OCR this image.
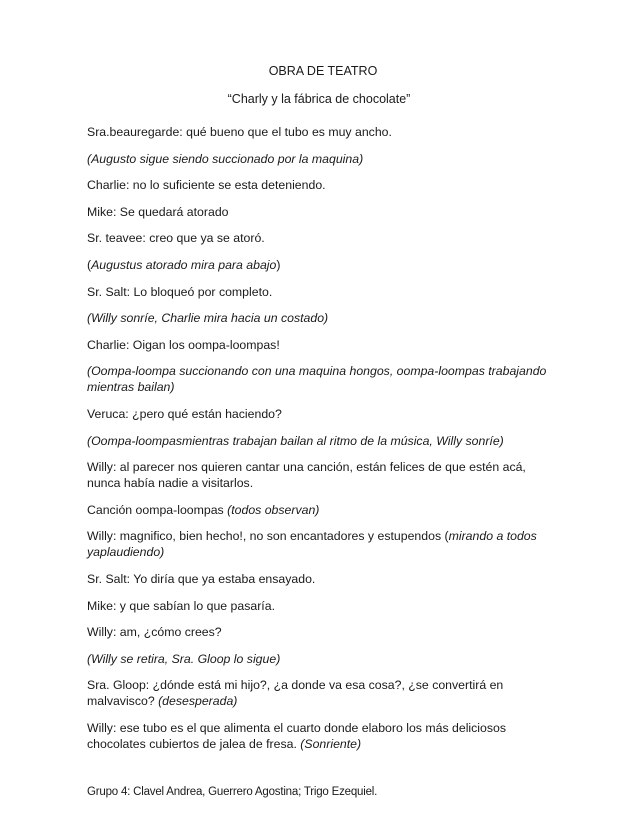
OBRA DE TEATRO
“Charly y la fábrica de chocolate”
Sra.beauregarde: qué bueno que el tubo es muy ancho.
(Augusto sigue siendo succionado por la maquina)
Charlie: no lo suficiente se esta deteniendo.
Mike: Se quedará atorado
Sr. teavee: creo que ya se atoró.
(Augustus atorado mira para abajo)
Sr. Salt: Lo bloqueó por completo.
(Willy sonríe, Charlie mira hacia un costado)
Charlie: Oigan los oompa-loompas!
(Oompa-loompa succionando con una maquina hongos, oompa-loompas trabajando mientras bailan)
Veruca: ¿pero qué están haciendo?
(Oompa-loompasmientras trabajan bailan al ritmo de la música, Willy sonríe)
Willy: al parecer nos quieren cantar una canción, están felices de que estén acá, nunca había nadie a visitarlos.
Canción oompa-loompas (todos observan)
Willy: magnifico, bien hecho!, no son encantadores y estupendos (mirando a todos yaplaudiendo)
Sr. Salt: Yo diría que ya estaba ensayado.
Mike: y que sabían lo que pasaría.
Willy: am, ¿cómo crees?
(Willy se retira, Sra. Gloop lo sigue)
Sra. Gloop: ¿dónde está mi hijo?, ¿a donde va esa cosa?, ¿se convertirá en malvavisco? (desesperada)
Willy: ese tubo es el que alimenta el cuarto donde elaboro los más deliciosos chocolates cubiertos de jalea de fresa. (Sonriente)
Grupo 4: Clavel Andrea, Guerrero Agostina; Trigo Ezequiel.
